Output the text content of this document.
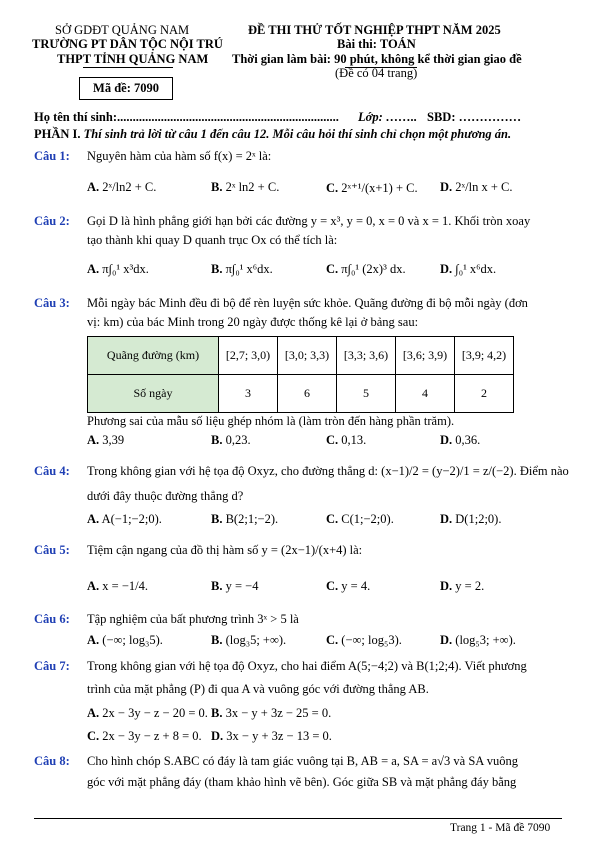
SỞ GDĐT QUẢNG NAM
TRƯỜNG PT DÂN TỘC NỘI TRÚ
THPT TỈNH QUẢNG NAM
Mã đề: 7090
ĐỀ THI THỬ TỐT NGHIỆP THPT NĂM 2025
Bài thi: TOÁN
Thời gian làm bài: 90 phút, không kể thời gian giao đề
(Đề có 04 trang)
Họ tên thí sinh:....................................................................... Lớp: …….. SBD: ……………
PHẦN I. Thí sinh trả lời từ câu 1 đến câu 12. Mỗi câu hỏi thí sinh chỉ chọn một phương án.
Câu 1: Nguyên hàm của hàm số f(x) = 2ˣ là:
A. 2ˣ/ln2 + C.	B. 2ˣ ln2 + C.	C. 2ˣ⁺¹/(x+1) + C. D. 2ˣ/ln x + C.
Câu 2: Gọi D là hình phẳng giới hạn bởi các đường y = x³, y = 0, x = 0 và x = 1. Khối tròn xoay
tạo thành khi quay D quanh trục Ox có thể tích là:
A. π∫₀¹ x³dx.	B. π∫₀¹ x⁶dx.	C. π∫₀¹ (2x)³ dx.	D. ∫₀¹ x⁶dx.
Câu 3: Mỗi ngày bác Minh đều đi bộ để rèn luyện sức khỏe. Quãng đường đi bộ mỗi ngày (đơn
vị: km) của bác Minh trong 20 ngày được thống kê lại ở bảng sau:
Quãng đường (km)	[2,7; 3,0)	[3,0; 3,3)	[3,3; 3,6)	[3,6; 3,9)	[3,9; 4,2)
Số ngày	3	6	5	4	2
Phương sai của mẫu số liệu ghép nhóm là (làm tròn đến hàng phần trăm).
A. 3,39	B. 0,23.	C. 0,13.	D. 0,36.
Câu 4: Trong không gian với hệ tọa độ Oxyz, cho đường thẳng d: (x−1)/2 = (y−2)/1 = z/(−2). Điểm nào
dưới đây thuộc đường thẳng d?
A. A(−1;−2;0).	B. B(2;1;−2).	C. C(1;−2;0).	D. D(1;2;0).
Câu 5: Tiệm cận ngang của đồ thị hàm số y = (2x−1)/(x+4) là:
A. x = −1/4.	B. y = −4	C. y = 4.	D. y = 2.
Câu 6: Tập nghiệm của bất phương trình 3ˣ > 5 là
A. (−∞; log₃5).	B. (log₃5; +∞).	C. (−∞; log₅3).	D. (log₅3; +∞).
Câu 7: Trong không gian với hệ tọa độ Oxyz, cho hai điểm A(5;−4;2) và B(1;2;4). Viết phương
trình của mặt phẳng (P) đi qua A và vuông góc với đường thẳng AB.
A. 2x − 3y − z − 20 = 0. B. 3x − y + 3z − 25 = 0.
C. 2x − 3y − z + 8 = 0. D. 3x − y + 3z − 13 = 0.
Câu 8: Cho hình chóp S.ABC có đáy là tam giác vuông tại B, AB = a, SA = a√3 và SA vuông
góc với mặt phẳng đáy (tham khảo hình vẽ bên). Góc giữa SB và mặt phẳng đáy bằng
Trang 1 - Mã đề 7090
